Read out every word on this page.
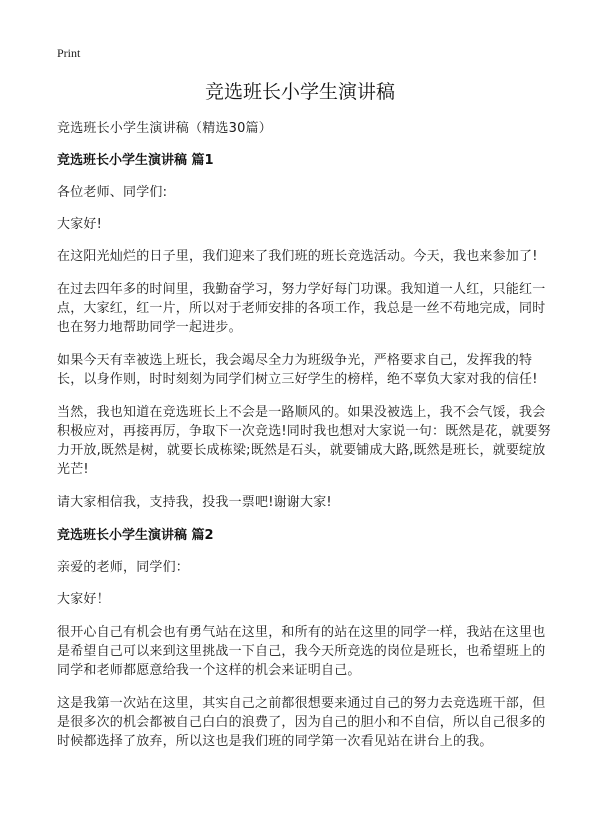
Print
竞选班长小学生演讲稿

竞选班长小学生演讲稿（精选30篇）

竞选班长小学生演讲稿 篇1

各位老师、同学们:

大家好!

在这阳光灿烂的日子里，我们迎来了我们班的班长竞选活动。今天，我也来参加了!

在过去四年多的时间里，我勤奋学习，努力学好每门功课。我知道一人红，只能红一点，大家红，红一片，所以对于老师安排的各项工作，我总是一丝不苟地完成，同时也在努力地帮助同学一起进步。

如果今天有幸被选上班长，我会竭尽全力为班级争光，严格要求自己，发挥我的特长，以身作则，时时刻刻为同学们树立三好学生的榜样，绝不辜负大家对我的信任!

当然，我也知道在竞选班长上不会是一路顺风的。如果没被选上，我不会气馁，我会积极应对，再接再厉，争取下一次竞选!同时我也想对大家说一句：既然是花，就要努力开放,既然是树，就要长成栋梁;既然是石头，就要铺成大路,既然是班长，就要绽放光芒!

请大家相信我，支持我，投我一票吧!谢谢大家!

竞选班长小学生演讲稿 篇2

亲爱的老师，同学们：

大家好！

很开心自己有机会也有勇气站在这里，和所有的站在这里的同学一样，我站在这里也是希望自己可以来到这里挑战一下自己，我今天所竞选的岗位是班长，也希望班上的同学和老师都愿意给我一个这样的机会来证明自己。

这是我第一次站在这里，其实自己之前都很想要来通过自己的努力去竞选班干部，但是很多次的机会都被自己白白的浪费了，因为自己的胆小和不自信，所以自己很多的时候都选择了放弃，所以这也是我们班的同学第一次看见站在讲台上的我。
